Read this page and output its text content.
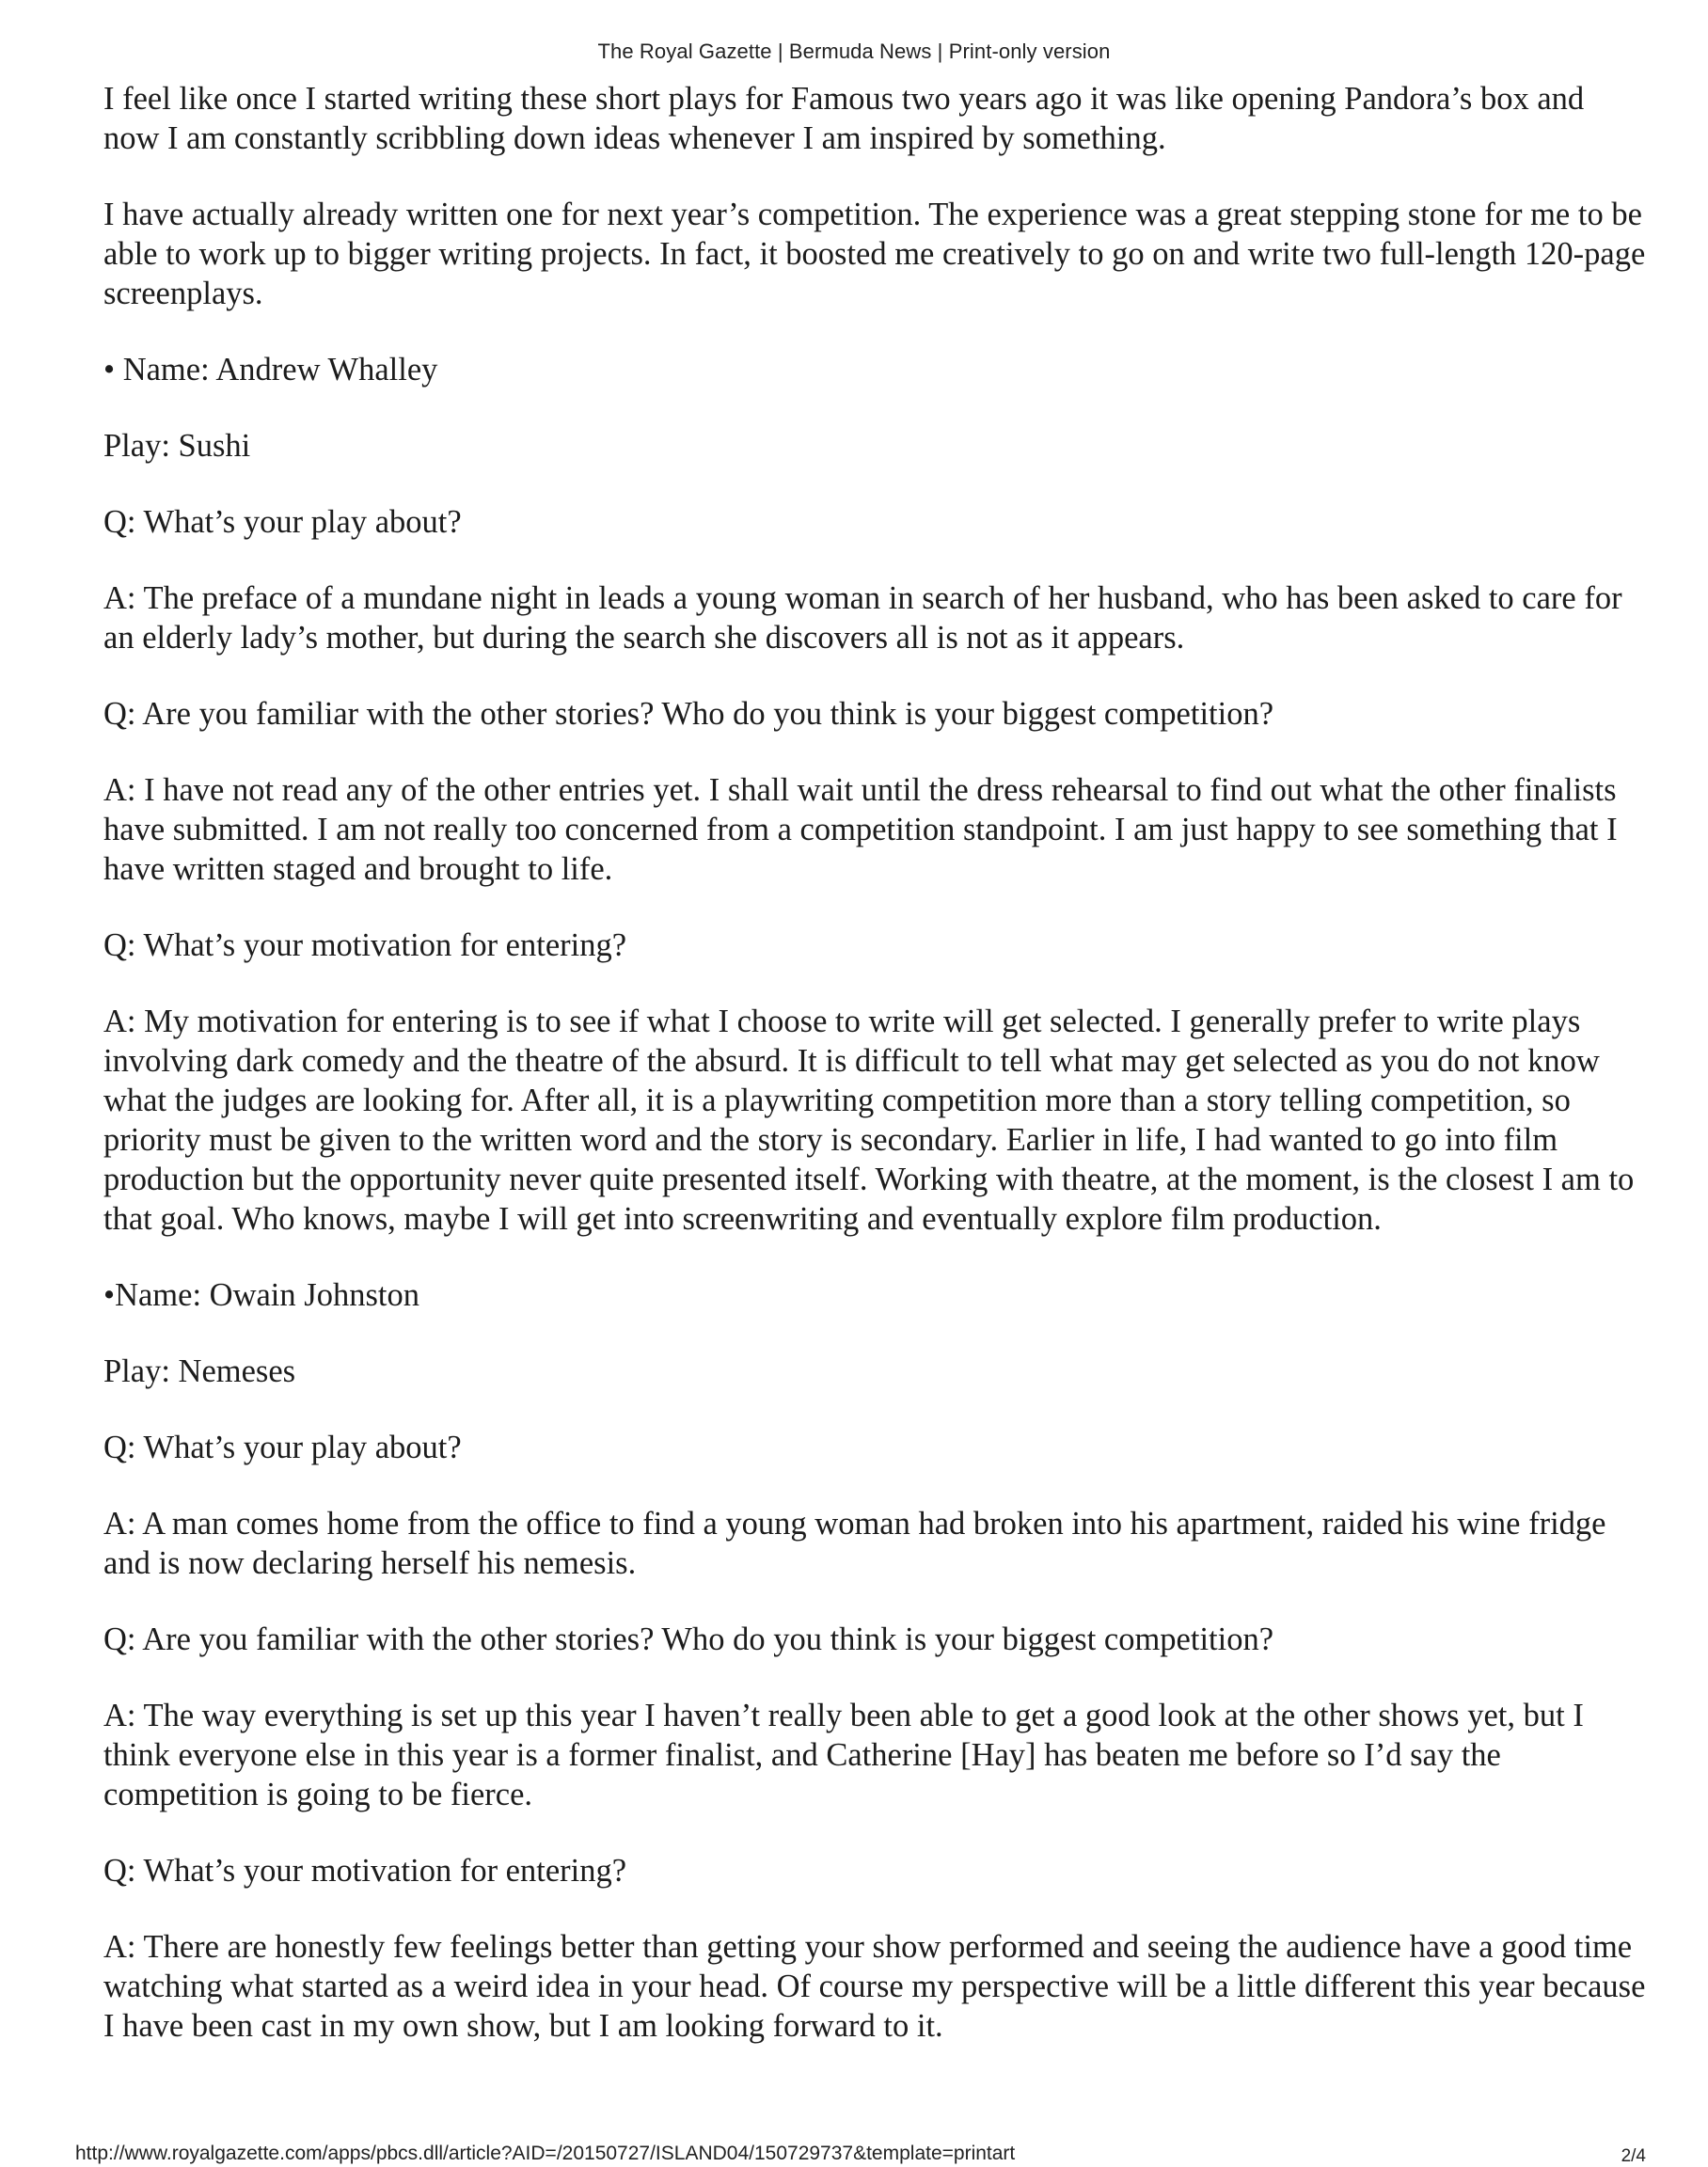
The Royal Gazette | Bermuda News | Print-only version

I feel like once I started writing these short plays for Famous two years ago it was like opening Pandora’s box and now I am constantly scribbling down ideas whenever I am inspired by something.

I have actually already written one for next year’s competition. The experience was a great stepping stone for me to be able to work up to bigger writing projects. In fact, it boosted me creatively to go on and write two full-length 120-page screenplays.

• Name: Andrew Whalley

Play: Sushi

Q: What’s your play about?

A: The preface of a mundane night in leads a young woman in search of her husband, who has been asked to care for an elderly lady’s mother, but during the search she discovers all is not as it appears.

Q: Are you familiar with the other stories? Who do you think is your biggest competition?

A: I have not read any of the other entries yet. I shall wait until the dress rehearsal to find out what the other finalists have submitted. I am not really too concerned from a competition standpoint. I am just happy to see something that I have written staged and brought to life.

Q: What’s your motivation for entering?

A: My motivation for entering is to see if what I choose to write will get selected. I generally prefer to write plays involving dark comedy and the theatre of the absurd. It is difficult to tell what may get selected as you do not know what the judges are looking for. After all, it is a playwriting competition more than a story telling competition, so priority must be given to the written word and the story is secondary. Earlier in life, I had wanted to go into film production but the opportunity never quite presented itself. Working with theatre, at the moment, is the closest I am to that goal. Who knows, maybe I will get into screenwriting and eventually explore film production.

•Name: Owain Johnston

Play: Nemeses

Q: What’s your play about?

A: A man comes home from the office to find a young woman had broken into his apartment, raided his wine fridge and is now declaring herself his nemesis.

Q: Are you familiar with the other stories? Who do you think is your biggest competition?

A: The way everything is set up this year I haven’t really been able to get a good look at the other shows yet, but I think everyone else in this year is a former finalist, and Catherine [Hay] has beaten me before so I’d say the competition is going to be fierce.

Q: What’s your motivation for entering?

A: There are honestly few feelings better than getting your show performed and seeing the audience have a good time watching what started as a weird idea in your head. Of course my perspective will be a little different this year because I have been cast in my own show, but I am looking forward to it.

http://www.royalgazette.com/apps/pbcs.dll/article?AID=/20150727/ISLAND04/150729737&template=printart	2/4
